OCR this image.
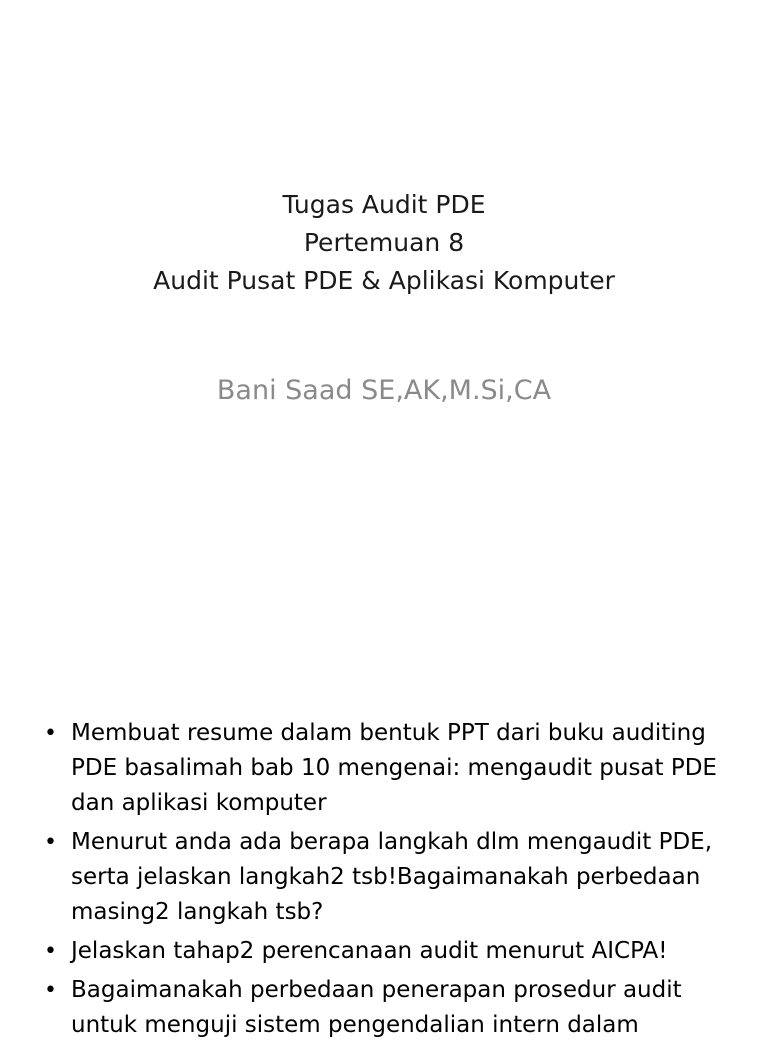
Tugas Audit PDE
Pertemuan 8
Audit Pusat PDE & Aplikasi Komputer
Bani Saad SE,AK,M.Si,CA
• Membuat resume dalam bentuk PPT dari buku auditing PDE basalimah bab 10 mengenai: mengaudit pusat PDE dan aplikasi komputer
• Menurut anda ada berapa langkah dlm mengaudit PDE, serta jelaskan langkah2 tsb!Bagaimanakah perbedaan masing2 langkah tsb?
• Jelaskan tahap2 perencanaan audit menurut AICPA!
• Bagaimanakah perbedaan penerapan prosedur audit untuk menguji sistem pengendalian intern dalam
